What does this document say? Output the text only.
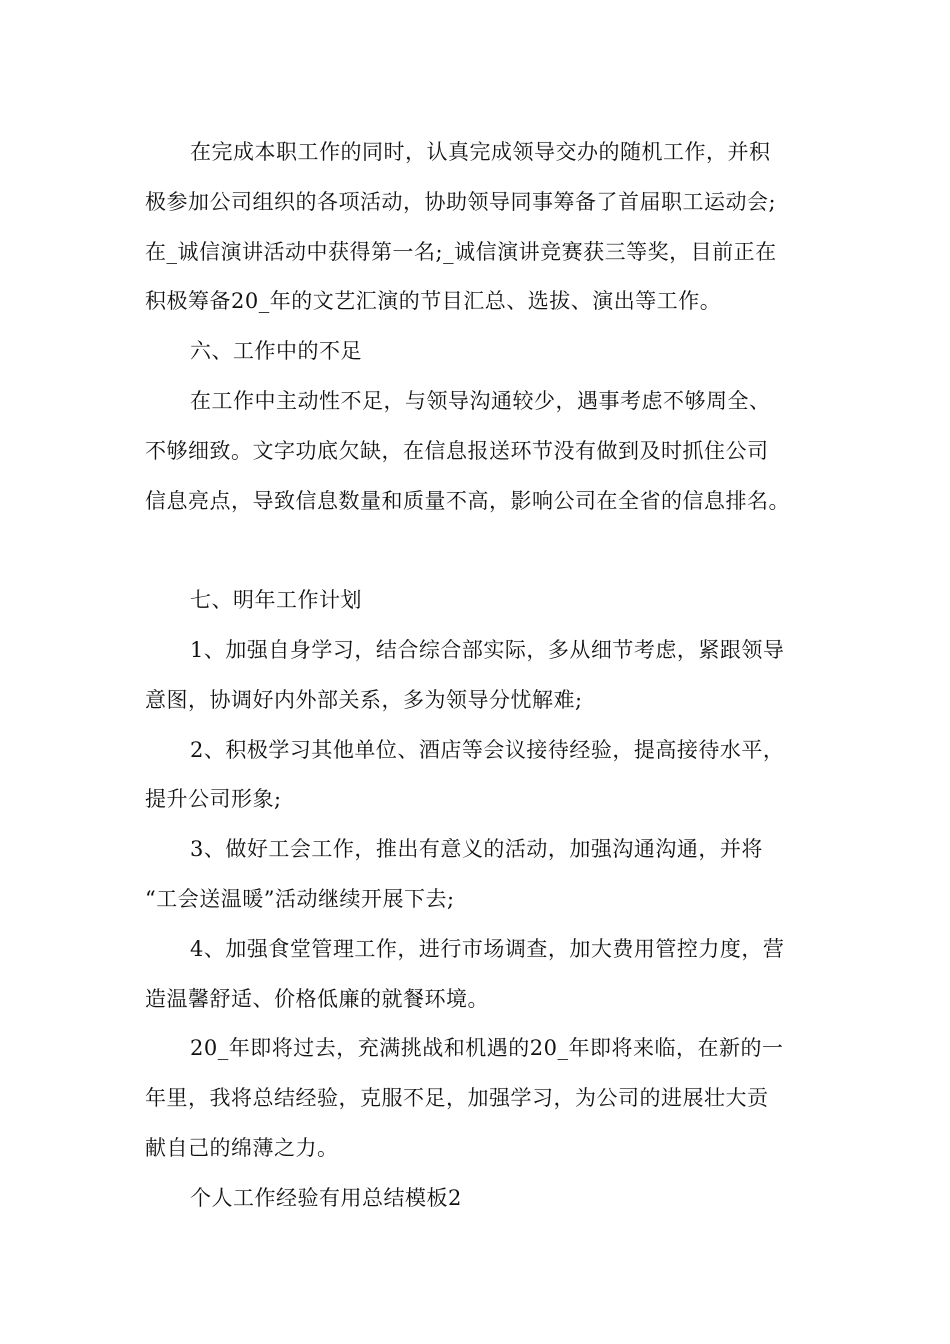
在完成本职工作的同时，认真完成领导交办的随机工作，并积
极参加公司组织的各项活动，协助领导同事筹备了首届职工运动会;
在_诚信演讲活动中获得第一名;_诚信演讲竞赛获三等奖，目前正在
积极筹备20_年的文艺汇演的节目汇总、选拔、演出等工作。
六、工作中的不足
在工作中主动性不足，与领导沟通较少，遇事考虑不够周全、
不够细致。文字功底欠缺，在信息报送环节没有做到及时抓住公司
信息亮点，导致信息数量和质量不高，影响公司在全省的信息排名。
七、明年工作计划
1、加强自身学习，结合综合部实际，多从细节考虑，紧跟领导
意图，协调好内外部关系，多为领导分忧解难;
2、积极学习其他单位、酒店等会议接待经验，提高接待水平，
提升公司形象;
3、做好工会工作，推出有意义的活动，加强沟通沟通，并将
“工会送温暖”活动继续开展下去;
4、加强食堂管理工作，进行市场调查，加大费用管控力度，营
造温馨舒适、价格低廉的就餐环境。
20_年即将过去，充满挑战和机遇的20_年即将来临，在新的一
年里，我将总结经验，克服不足，加强学习，为公司的进展壮大贡
献自己的绵薄之力。
个人工作经验有用总结模板2
